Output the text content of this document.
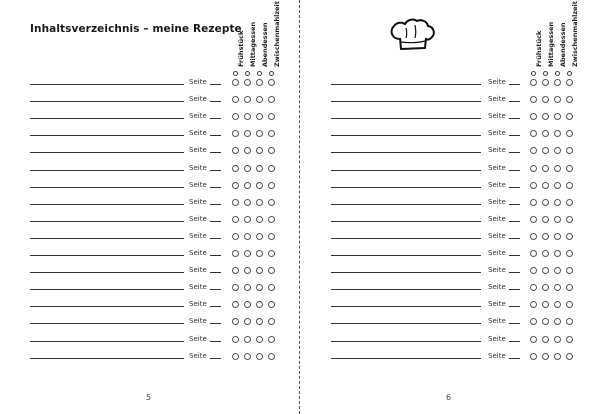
Inhaltsverzeichnis – meine Rezepte
Frühstück Mittagessen Abendessen Zwischenmahlzeit
Seite
Seite
Seite
Seite
Seite
Seite
Seite
Seite
Seite
Seite
Seite
Seite
Seite
Seite
Seite
Seite
Seite
5
Frühstück Mittagessen Abendessen Zwischenmahlzeit
Seite
Seite
Seite
Seite
Seite
Seite
Seite
Seite
Seite
Seite
Seite
Seite
Seite
Seite
Seite
Seite
Seite
6
